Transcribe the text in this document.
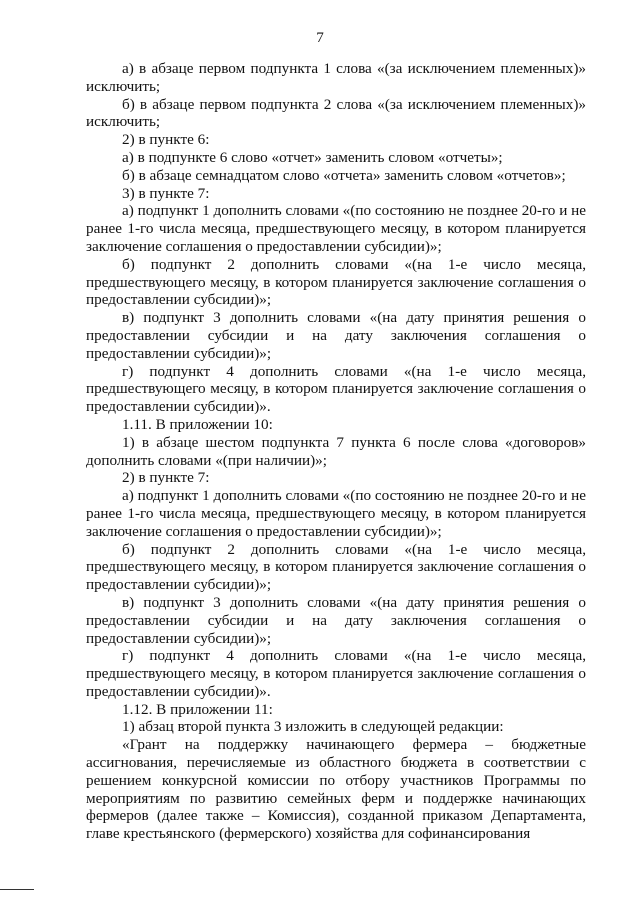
7

а) в абзаце первом подпункта 1 слова «(за исключением племенных)» исключить;

б) в абзаце первом подпункта 2 слова «(за исключением племенных)» исключить;

2) в пункте 6:

а) в подпункте 6 слово «отчет» заменить словом «отчеты»;

б) в абзаце семнадцатом слово «отчета» заменить словом «отчетов»;

3) в пункте 7:

а) подпункт 1 дополнить словами «(по состоянию не позднее 20-го и не ранее 1-го числа месяца, предшествующего месяцу, в котором планируется заключение соглашения о предоставлении субсидии)»;

б) подпункт 2 дополнить словами «(на 1-е число месяца, предшествующего месяцу, в котором планируется заключение соглашения о предоставлении субсидии)»;

в) подпункт 3 дополнить словами «(на дату принятия решения о предоставлении субсидии и на дату заключения соглашения о предоставлении субсидии)»;

г) подпункт 4 дополнить словами «(на 1-е число месяца, предшествующего месяцу, в котором планируется заключение соглашения о предоставлении субсидии)».

1.11. В приложении 10:

1) в абзаце шестом подпункта 7 пункта 6 после слова «договоров» дополнить словами «(при наличии)»;

2) в пункте 7:

а) подпункт 1 дополнить словами «(по состоянию не позднее 20-го и не ранее 1-го числа месяца, предшествующего месяцу, в котором планируется заключение соглашения о предоставлении субсидии)»;

б) подпункт 2 дополнить словами «(на 1-е число месяца, предшествующего месяцу, в котором планируется заключение соглашения о предоставлении субсидии)»;

в) подпункт 3 дополнить словами «(на дату принятия решения о предоставлении субсидии и на дату заключения соглашения о предоставлении субсидии)»;

г) подпункт 4 дополнить словами «(на 1-е число месяца, предшествующего месяцу, в котором планируется заключение соглашения о предоставлении субсидии)».

1.12. В приложении 11:

1) абзац второй пункта 3 изложить в следующей редакции:

«Грант на поддержку начинающего фермера – бюджетные ассигнования, перечисляемые из областного бюджета в соответствии с решением конкурсной комиссии по отбору участников Программы по мероприятиям по развитию семейных ферм и поддержке начинающих фермеров (далее также – Комиссия), созданной приказом Департамента, главе крестьянского (фермерского) хозяйства для софинансирования
